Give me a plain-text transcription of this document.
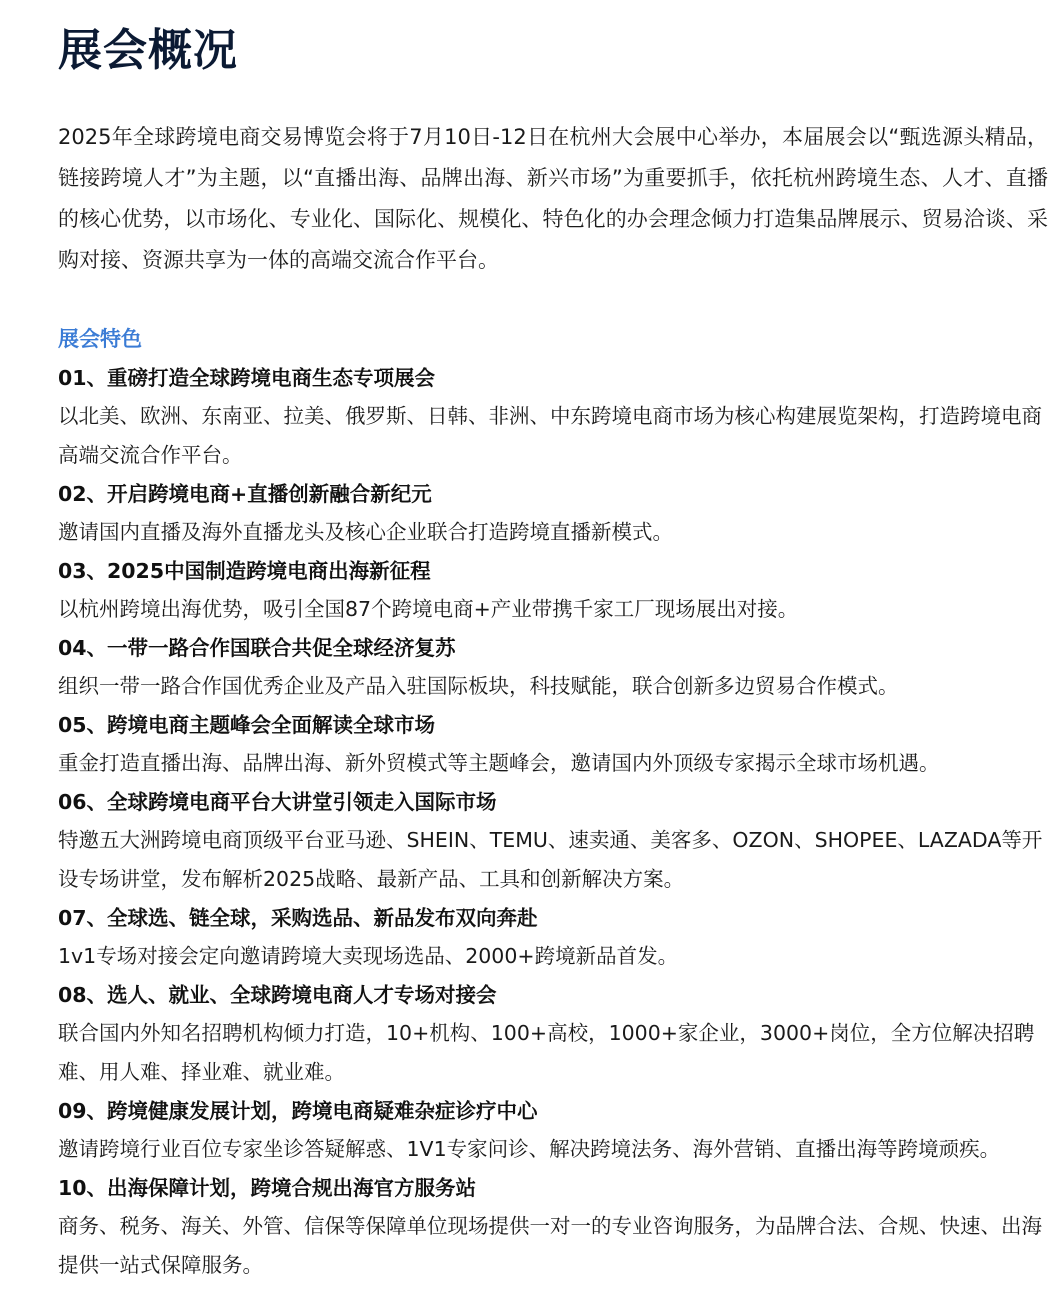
展会概况

2025年全球跨境电商交易博览会将于7月10日-12日在杭州大会展中心举办，本届展会以“甄选源头精品，链接跨境人才”为主题，以“直播出海、品牌出海、新兴市场”为重要抓手，依托杭州跨境生态、人才、直播的核心优势，以市场化、专业化、国际化、规模化、特色化的办会理念倾力打造集品牌展示、贸易洽谈、采购对接、资源共享为一体的高端交流合作平台。

展会特色
01、重磅打造全球跨境电商生态专项展会
以北美、欧洲、东南亚、拉美、俄罗斯、日韩、非洲、中东跨境电商市场为核心构建展览架构，打造跨境电商高端交流合作平台。
02、开启跨境电商+直播创新融合新纪元
邀请国内直播及海外直播龙头及核心企业联合打造跨境直播新模式。
03、2025中国制造跨境电商出海新征程
以杭州跨境出海优势，吸引全国87个跨境电商+产业带携千家工厂现场展出对接。
04、一带一路合作国联合共促全球经济复苏
组织一带一路合作国优秀企业及产品入驻国际板块，科技赋能，联合创新多边贸易合作模式。
05、跨境电商主题峰会全面解读全球市场
重金打造直播出海、品牌出海、新外贸模式等主题峰会，邀请国内外顶级专家揭示全球市场机遇。
06、全球跨境电商平台大讲堂引领走入国际市场
特邀五大洲跨境电商顶级平台亚马逊、SHEIN、TEMU、速卖通、美客多、OZON、SHOPEE、LAZADA等开设专场讲堂，发布解析2025战略、最新产品、工具和创新解决方案。
07、全球选、链全球，采购选品、新品发布双向奔赴
1v1专场对接会定向邀请跨境大卖现场选品、2000+跨境新品首发。
08、选人、就业、全球跨境电商人才专场对接会
联合国内外知名招聘机构倾力打造，10+机构、100+高校，1000+家企业，3000+岗位，全方位解决招聘难、用人难、择业难、就业难。
09、跨境健康发展计划，跨境电商疑难杂症诊疗中心
邀请跨境行业百位专家坐诊答疑解惑、1V1专家问诊、解决跨境法务、海外营销、直播出海等跨境顽疾。
10、出海保障计划，跨境合规出海官方服务站
商务、税务、海关、外管、信保等保障单位现场提供一对一的专业咨询服务，为品牌合法、合规、快速、出海提供一站式保障服务。
